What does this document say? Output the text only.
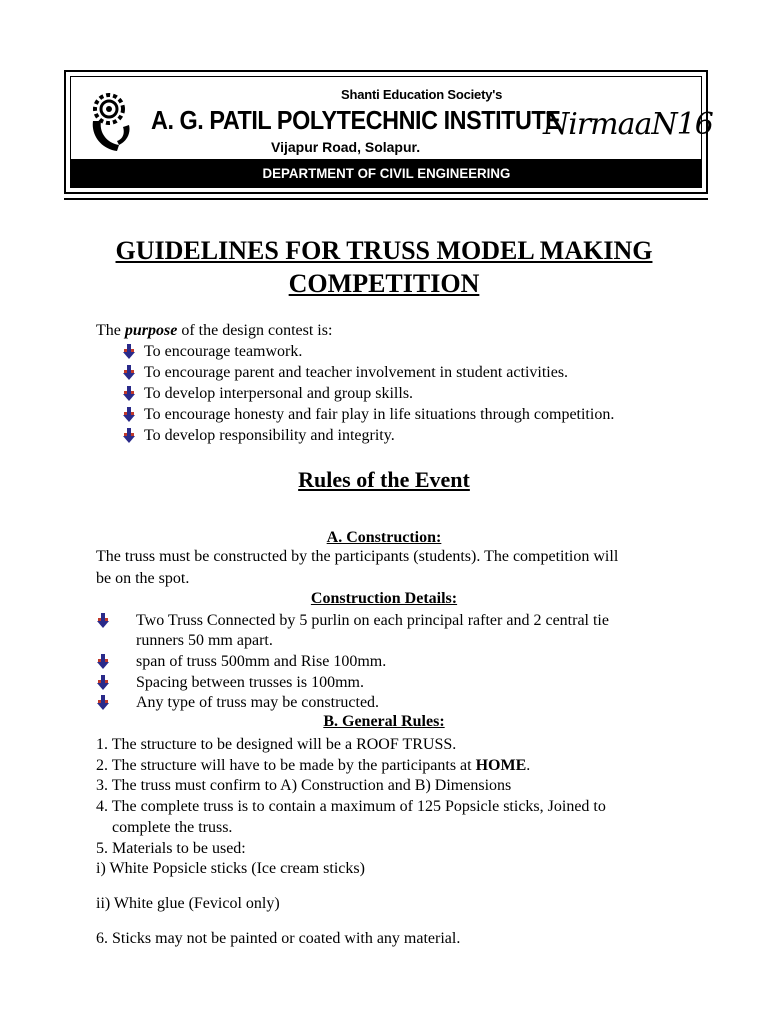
Shanti Education Society's
A. G. PATIL POLYTECHNIC INSTITUTE
Vijapur Road, Solapur.
NirmaaN16
DEPARTMENT OF CIVIL ENGINEERING
GUIDELINES FOR TRUSS MODEL MAKING
COMPETITION
The purpose of the design contest is:
To encourage teamwork.
To encourage parent and teacher involvement in student activities.
To develop interpersonal and group skills.
To encourage honesty and fair play in life situations through competition.
To develop responsibility and integrity.
Rules of the Event
A. Construction:
The truss must be constructed by the participants (students). The competition will
be on the spot.
Construction Details:
Two Truss Connected by 5 purlin on each principal rafter and 2 central tie
runners 50 mm apart.
span of truss 500mm and Rise 100mm.
Spacing between trusses is 100mm.
Any type of truss may be constructed.
B. General Rules:
1. The structure to be designed will be a ROOF TRUSS.
2. The structure will have to be made by the participants at HOME.
3. The truss must confirm to A) Construction and B) Dimensions
4. The complete truss is to contain a maximum of 125 Popsicle sticks, Joined to
complete the truss.
5. Materials to be used:
i) White Popsicle sticks (Ice cream sticks)
ii) White glue (Fevicol only)
6. Sticks may not be painted or coated with any material.
